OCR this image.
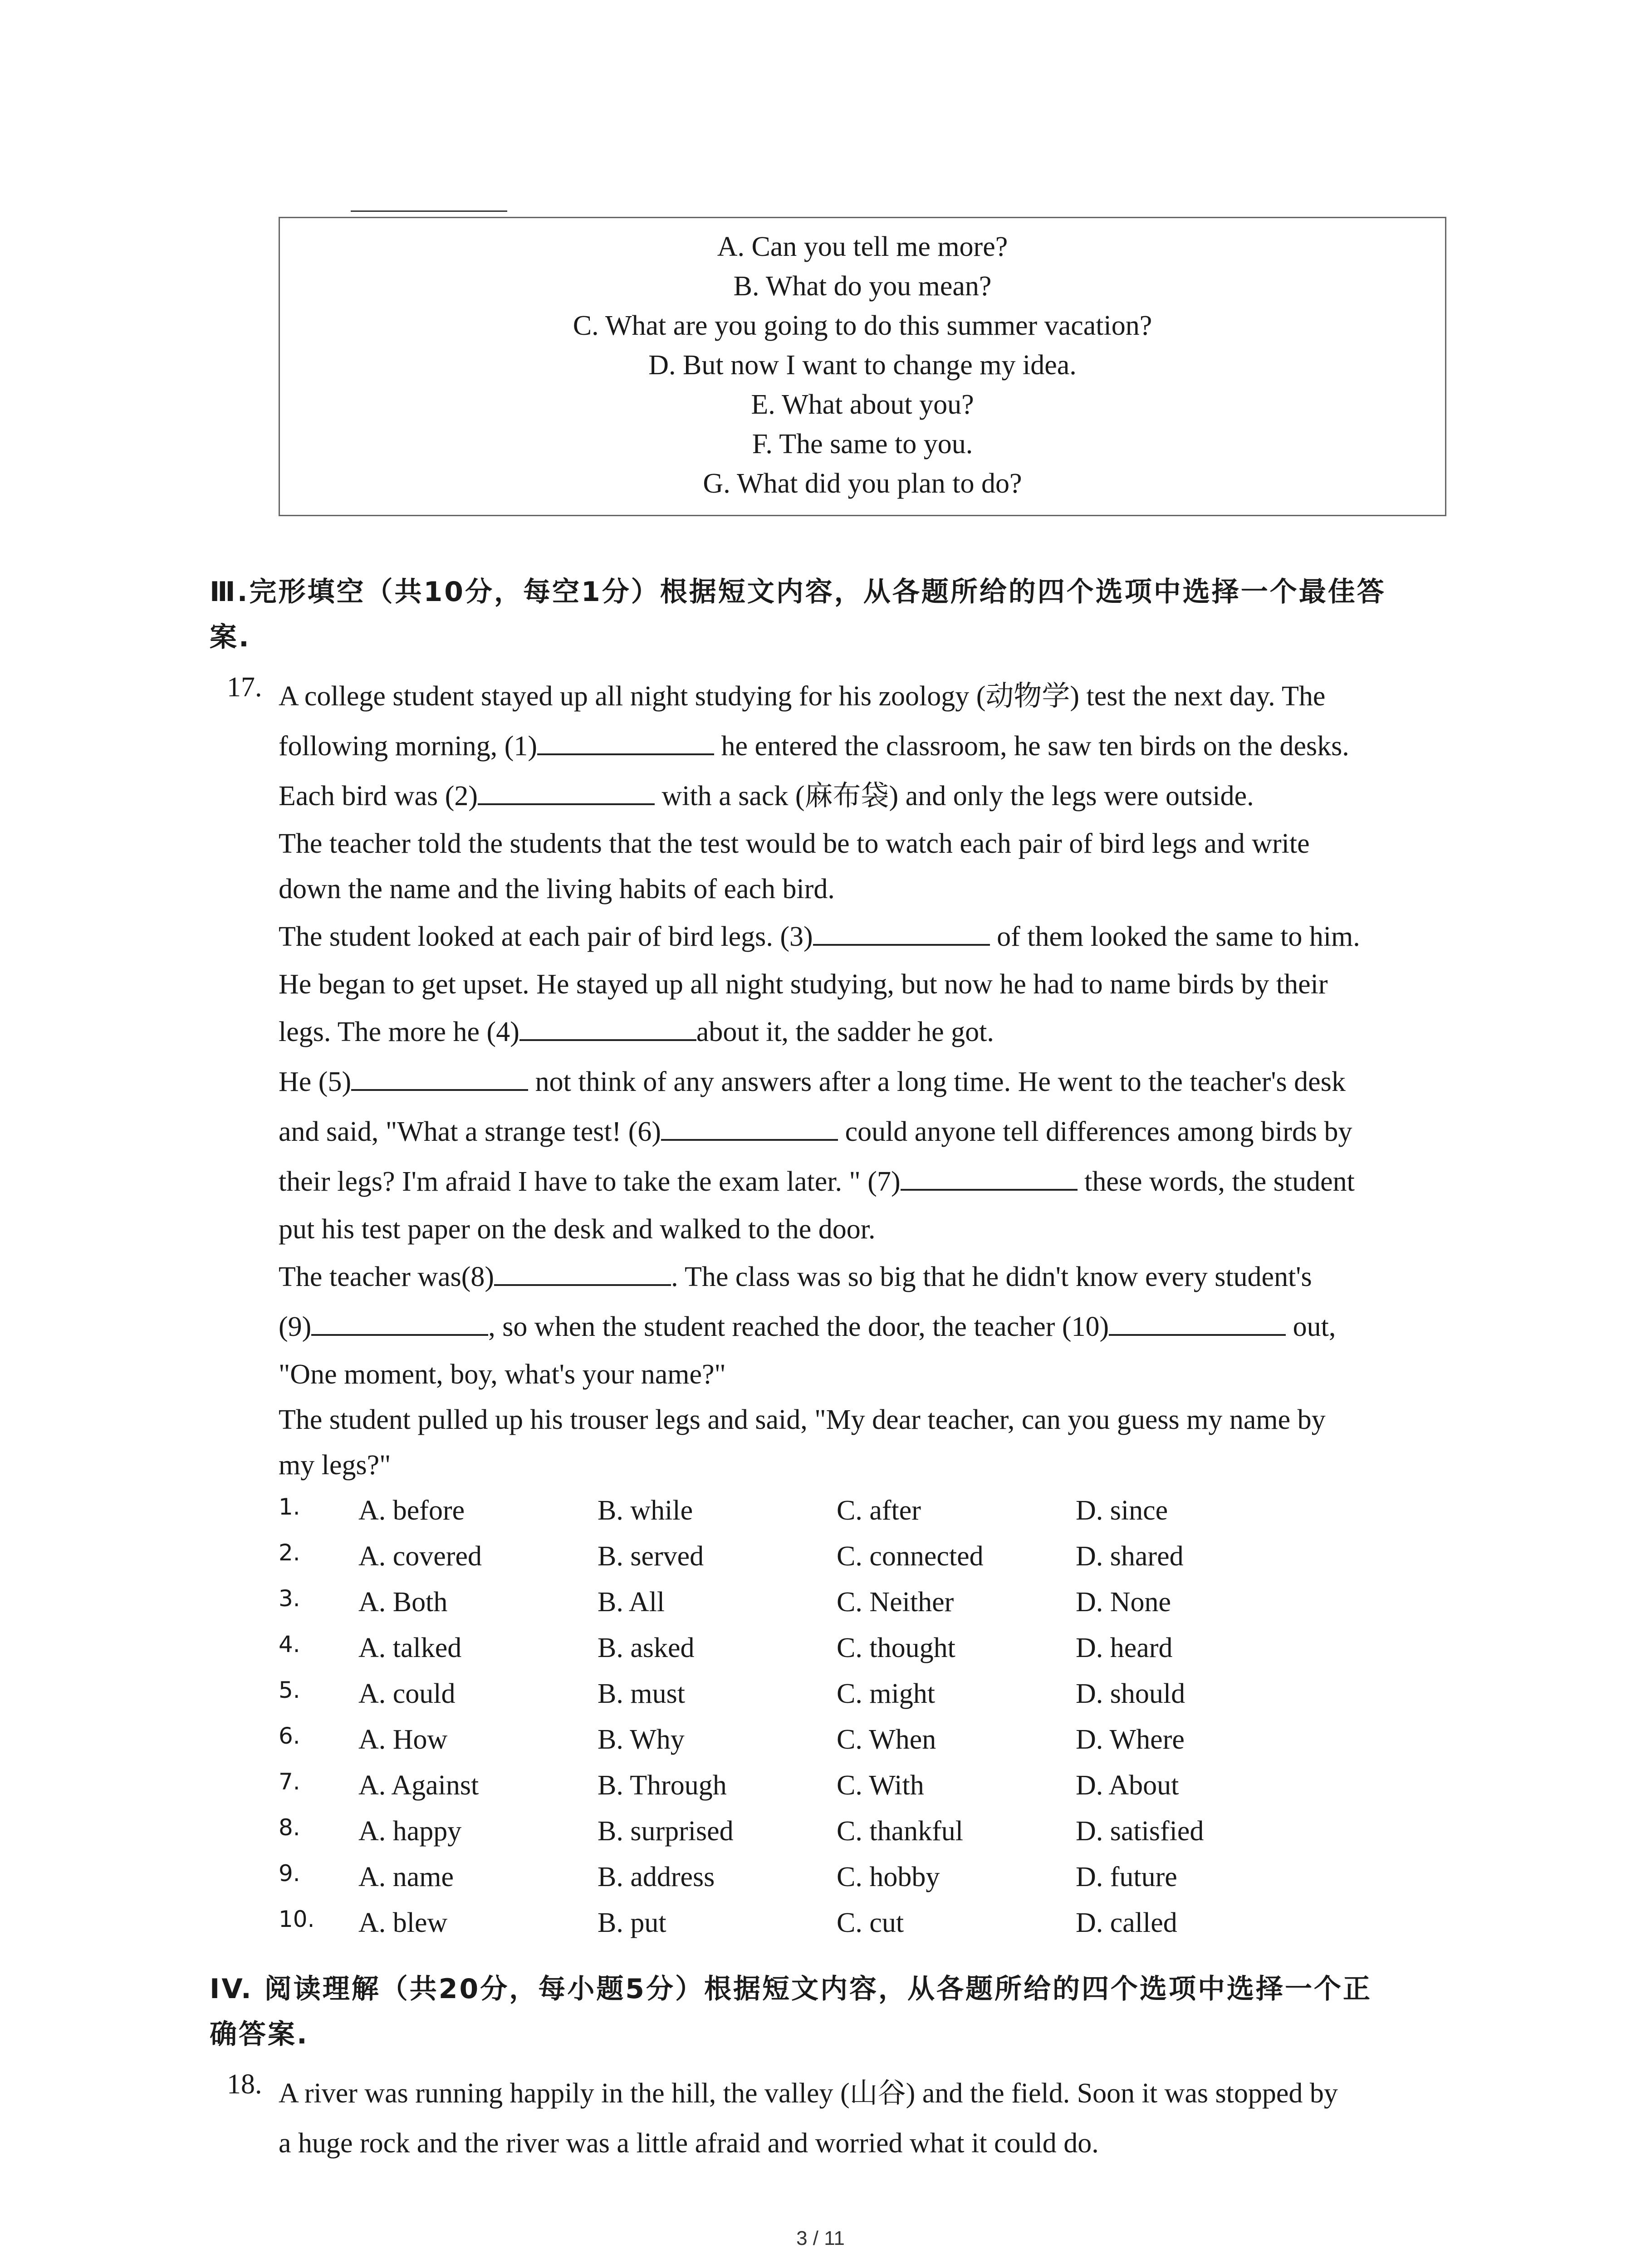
A. Can you tell me more?
B. What do you mean?
C. What are you going to do this summer vacation?
D. But now I want to change my idea.
E. What about you?
F. The same to you.
G. What did you plan to do?
Ⅲ.完形填空（共10分，每空1分）根据短文内容，从各题所给的四个选项中选择一个最佳答
案.
17. A college student stayed up all night studying for his zoology (动物学) test the next day. The
following morning, (1)	he entered the classroom, he saw ten birds on the desks.
Each bird was (2)	with a sack (麻布袋) and only the legs were outside.
The teacher told the students that the test would be to watch each pair of bird legs and write
down the name and the living habits of each bird.
The student looked at each pair of bird legs. (3)	of them looked the same to him.
He began to get upset. He stayed up all night studying, but now he had to name birds by their
legs. The more he (4)	about it, the sadder he got.
He (5)	not think of any answers after a long time. He went to the teacher's desk
and said, "What a strange test! (6)	could anyone tell differences among birds by
their legs? I'm afraid I have to take the exam later. " (7)	these words, the student
put his test paper on the desk and walked to the door.
The teacher was(8)	. The class was so big that he didn't know every student's
(9)	, so when the student reached the door, the teacher (10)	out,
"One moment, boy, what's your name?"
The student pulled up his trouser legs and said, "My dear teacher, can you guess my name by
my legs?"
1. A. before	B. while	C. after	D. since
2. A. covered	B. served	C. connected	D. shared
3. A. Both	B. All	C. Neither	D. None
4. A. talked	B. asked	C. thought	D. heard
5. A. could	B. must	C. might	D. should
6. A. How	B. Why	C. When	D. Where
7. A. Against	B. Through	C. With	D. About
8. A. happy	B. surprised	C. thankful	D. satisfied
9. A. name	B. address	C. hobby	D. future
10. A. blew	B. put	C. cut	D. called
IV. 阅读理解（共20分，每小题5分）根据短文内容，从各题所给的四个选项中选择一个正
确答案.
18. A river was running happily in the hill, the valley (山谷) and the field. Soon it was stopped by
a huge rock and the river was a little afraid and worried what it could do.
3 / 11
